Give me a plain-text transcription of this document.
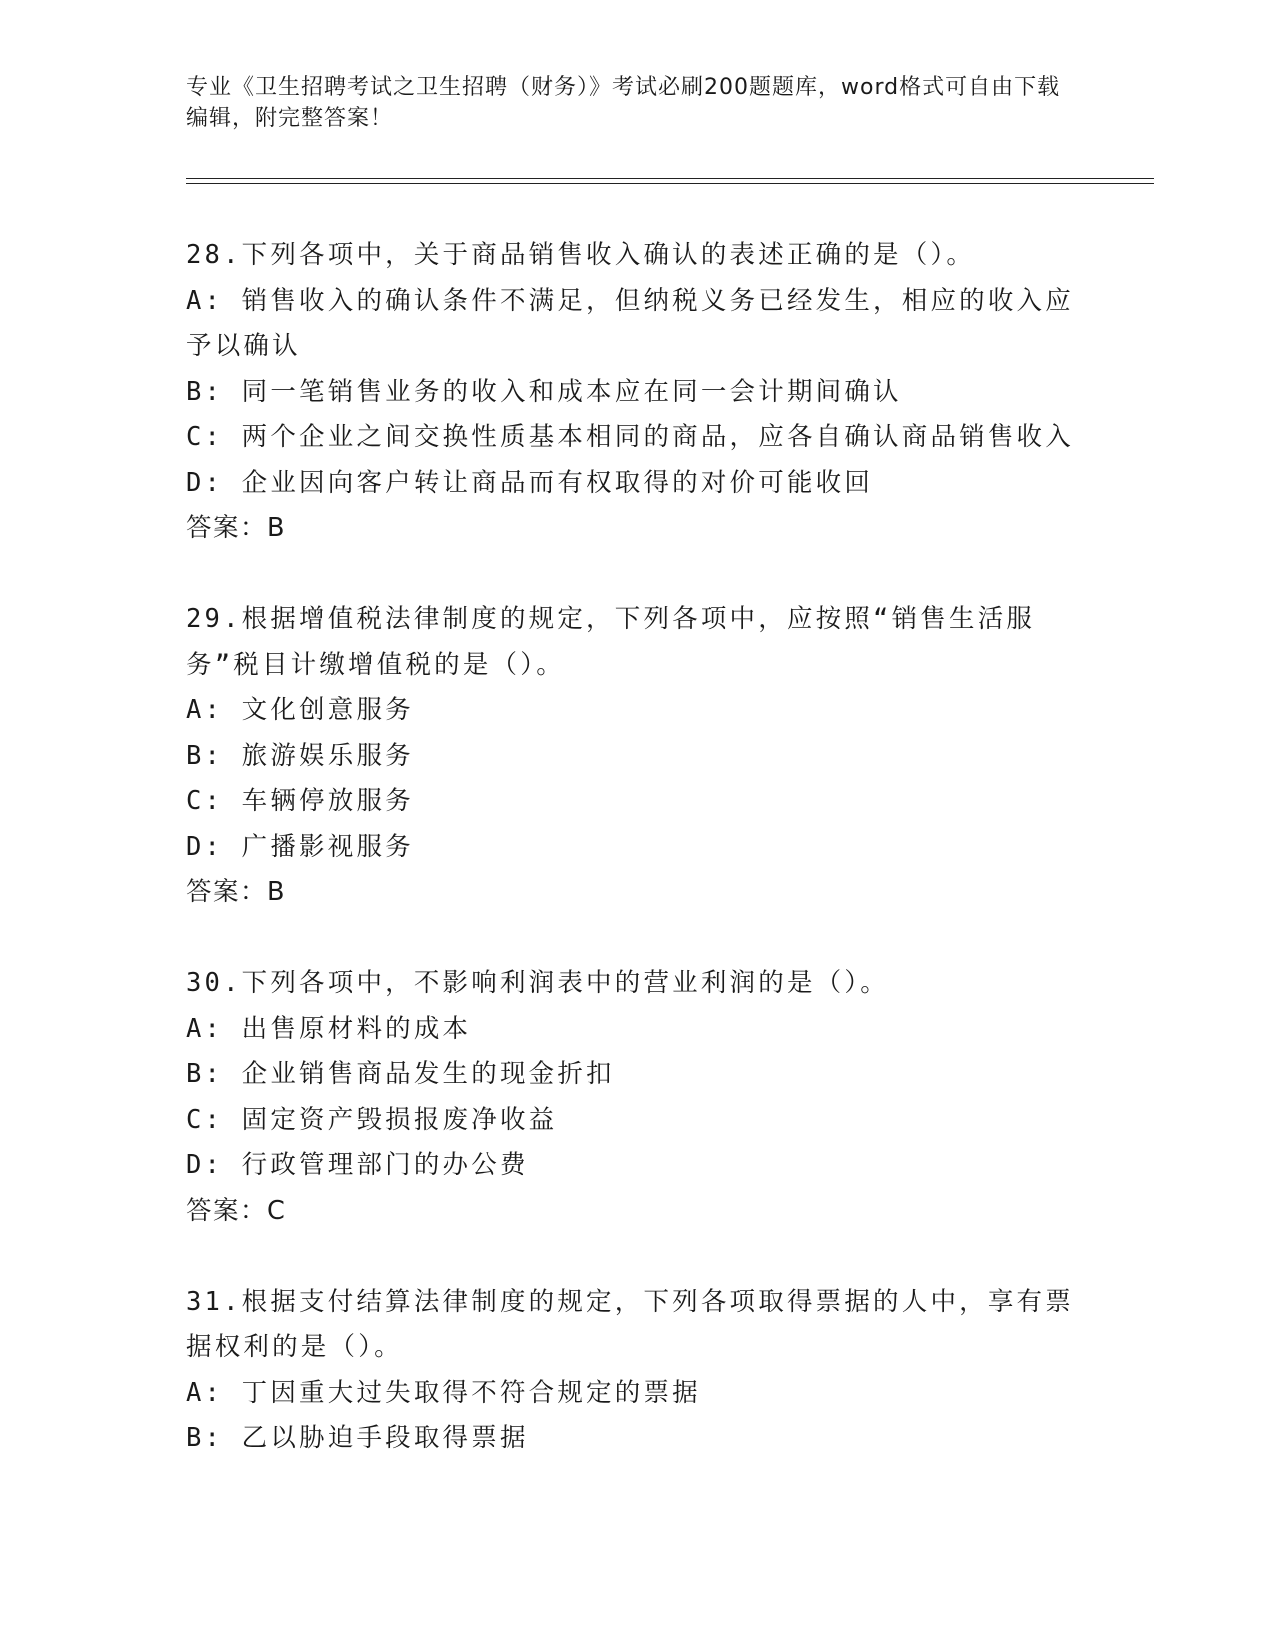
专业《卫生招聘考试之卫生招聘（财务）》考试必刷200题题库，word格式可自由下载编辑，附完整答案！
28.下列各项中，关于商品销售收入确认的表述正确的是（）。
A: 销售收入的确认条件不满足，但纳税义务已经发生，相应的收入应予以确认
B: 同一笔销售业务的收入和成本应在同一会计期间确认
C: 两个企业之间交换性质基本相同的商品，应各自确认商品销售收入
D: 企业因向客户转让商品而有权取得的对价可能收回
答案：B
29.根据增值税法律制度的规定，下列各项中，应按照“销售生活服务”税目计缴增值税的是（）。
A: 文化创意服务
B: 旅游娱乐服务
C: 车辆停放服务
D: 广播影视服务
答案：B
30.下列各项中，不影响利润表中的营业利润的是（）。
A: 出售原材料的成本
B: 企业销售商品发生的现金折扣
C: 固定资产毁损报废净收益
D: 行政管理部门的办公费
答案：C
31.根据支付结算法律制度的规定，下列各项取得票据的人中，享有票据权利的是（）。
A: 丁因重大过失取得不符合规定的票据
B: 乙以胁迫手段取得票据
